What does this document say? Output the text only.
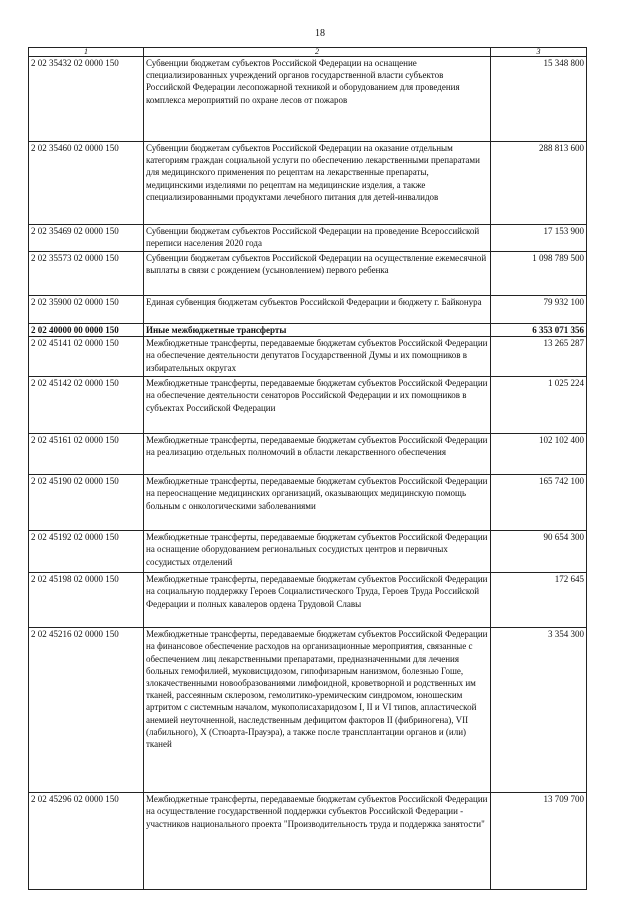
18
1	2	3
2 02 35432 02 0000 150	Субвенции бюджетам субъектов Российской Федерации на оснащение специализированных учреждений органов государственной власти субъектов Российской Федерации лесопожарной техникой и оборудованием для проведения комплекса мероприятий по охране лесов от пожаров	15 348 800
2 02 35460 02 0000 150	Субвенции бюджетам субъектов Российской Федерации на оказание отдельным категориям граждан социальной услуги по обеспечению лекарственными препаратами для медицинского применения по рецептам на лекарственные препараты, медицинскими изделиями по рецептам на медицинские изделия, а также специализированными продуктами лечебного питания для детей-инвалидов	288 813 600
2 02 35469 02 0000 150	Субвенции бюджетам субъектов Российской Федерации на проведение Всероссийской переписи населения 2020 года	17 153 900
2 02 35573 02 0000 150	Субвенции бюджетам субъектов Российской Федерации на осуществление ежемесячной выплаты в связи с рождением (усыновлением) первого ребенка	1 098 789 500
2 02 35900 02 0000 150	Единая субвенция бюджетам субъектов Российской Федерации и бюджету г. Байконура	79 932 100
2 02 40000 00 0000 150	Иные межбюджетные трансферты	6 353 071 356
2 02 45141 02 0000 150	Межбюджетные трансферты, передаваемые бюджетам субъектов Российской Федерации на обеспечение деятельности депутатов Государственной Думы и их помощников в избирательных округах	13 265 287
2 02 45142 02 0000 150	Межбюджетные трансферты, передаваемые бюджетам субъектов Российской Федерации на обеспечение деятельности сенаторов Российской Федерации и их помощников в субъектах Российской Федерации	1 025 224
2 02 45161 02 0000 150	Межбюджетные трансферты, передаваемые бюджетам субъектов Российской Федерации на реализацию отдельных полномочий в области лекарственного обеспечения	102 102 400
2 02 45190 02 0000 150	Межбюджетные трансферты, передаваемые бюджетам субъектов Российской Федерации на переоснащение медицинских организаций, оказывающих медицинскую помощь больным с онкологическими заболеваниями	165 742 100
2 02 45192 02 0000 150	Межбюджетные трансферты, передаваемые бюджетам субъектов Российской Федерации на оснащение оборудованием региональных сосудистых центров и первичных сосудистых отделений	90 654 300
2 02 45198 02 0000 150	Межбюджетные трансферты, передаваемые бюджетам субъектов Российской Федерации на социальную поддержку Героев Социалистического Труда, Героев Труда Российской Федерации и полных кавалеров ордена Трудовой Славы	172 645
2 02 45216 02 0000 150	Межбюджетные трансферты, передаваемые бюджетам субъектов Российской Федерации на финансовое обеспечение расходов на организационные мероприятия, связанные с обеспечением лиц лекарственными препаратами, предназначенными для лечения больных гемофилией, муковисцидозом, гипофизарным нанизмом, болезнью Гоше, злокачественными новообразованиями лимфоидной, кроветворной и родственных им тканей, рассеянным склерозом, гемолитико-уремическим синдромом, юношеским артритом с системным началом, мукополисахаридозом I, II и VI типов, апластической анемией неуточненной, наследственным дефицитом факторов II (фибриногена), VII (лабильного), X (Стюарта-Прауэра), а также после трансплантации органов и (или) тканей	3 354 300
2 02 45296 02 0000 150	Межбюджетные трансферты, передаваемые бюджетам субъектов Российской Федерации на осуществление государственной поддержки субъектов Российской Федерации - участников национального проекта "Производительность труда и поддержка занятости"	13 709 700
